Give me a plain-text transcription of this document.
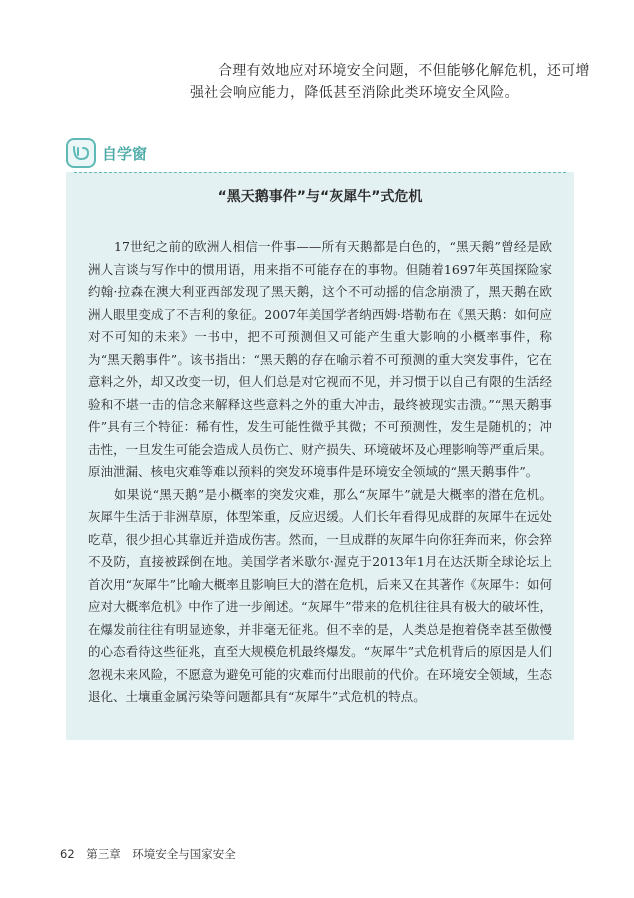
合理有效地应对环境安全问题，不但能够化解危机，还可增强社会响应能力，降低甚至消除此类环境安全风险。
自学窗
“黑天鹅事件”与“灰犀牛”式危机

17世纪之前的欧洲人相信一件事——所有天鹅都是白色的，“黑天鹅”曾经是欧洲人言谈与写作中的惯用语，用来指不可能存在的事物。但随着1697年英国探险家约翰·拉森在澳大利亚西部发现了黑天鹅，这个不可动摇的信念崩溃了，黑天鹅在欧洲人眼里变成了不吉利的象征。2007年美国学者纳西姆·塔勒布在《黑天鹅：如何应对不可知的未来》一书中，把不可预测但又可能产生重大影响的小概率事件，称为“黑天鹅事件”。该书指出：“黑天鹅的存在喻示着不可预测的重大突发事件，它在意料之外，却又改变一切，但人们总是对它视而不见，并习惯于以自己有限的生活经验和不堪一击的信念来解释这些意料之外的重大冲击，最终被现实击溃。”“黑天鹅事件”具有三个特征：稀有性，发生可能性微乎其微；不可预测性，发生是随机的；冲击性，一旦发生可能会造成人员伤亡、财产损失、环境破坏及心理影响等严重后果。原油泄漏、核电灾难等难以预料的突发环境事件是环境安全领域的“黑天鹅事件”。

如果说“黑天鹅”是小概率的突发灾难，那么“灰犀牛”就是大概率的潜在危机。灰犀牛生活于非洲草原，体型笨重，反应迟缓。人们长年看得见成群的灰犀牛在远处吃草，很少担心其靠近并造成伤害。然而，一旦成群的灰犀牛向你狂奔而来，你会猝不及防，直接被踩倒在地。美国学者米歇尔·渥克于2013年1月在达沃斯全球论坛上首次用“灰犀牛”比喻大概率且影响巨大的潜在危机，后来又在其著作《灰犀牛：如何应对大概率危机》中作了进一步阐述。“灰犀牛”带来的危机往往具有极大的破坏性，在爆发前往往有明显迹象，并非毫无征兆。但不幸的是，人类总是抱着侥幸甚至傲慢的心态看待这些征兆，直至大规模危机最终爆发。“灰犀牛”式危机背后的原因是人们忽视未来风险，不愿意为避免可能的灾难而付出眼前的代价。在环境安全领域，生态退化、土壤重金属污染等问题都具有“灰犀牛”式危机的特点。

62 第三章　环境安全与国家安全
